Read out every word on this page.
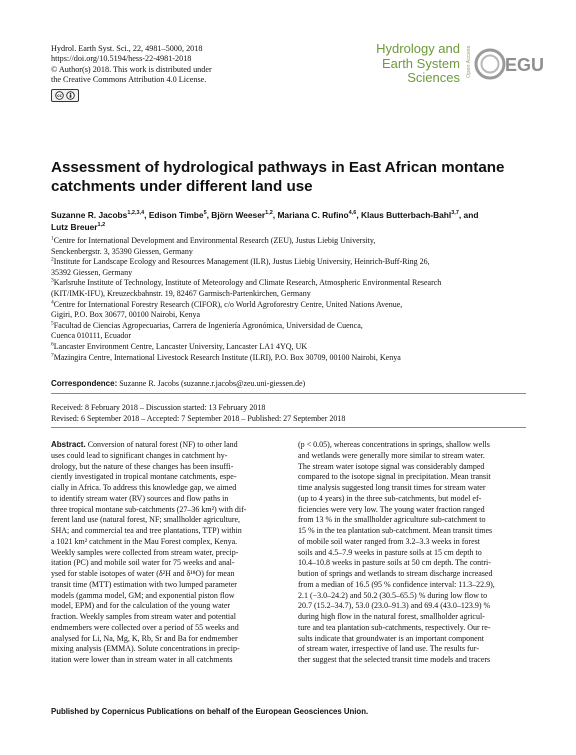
Hydrol. Earth Syst. Sci., 22, 4981–5000, 2018
https://doi.org/10.5194/hess-22-4981-2018
© Author(s) 2018. This work is distributed under
the Creative Commons Attribution 4.0 License.
cc
Hydrology and
Earth System
Sciences Open Access EGU
Assessment of hydrological pathways in East African montane
catchments under different land use
Suzanne R. Jacobs$^{1,2,3,4}$, Edison Timbe$^5$, Björn Weeser$^{1,2}$, Mariana C. Rufino$^{4,6}$, Klaus Butterbach-Bahl$^{3,7}$, and
Lutz Breuer$^{1,2}$
$^1$Centre for International Development and Environmental Research (ZEU), Justus Liebig University,
Senckenbergstr. 3, 35390 Giessen, Germany
$^2$Institute for Landscape Ecology and Resources Management (ILR), Justus Liebig University, Heinrich-Buff-Ring 26,
35392 Giessen, Germany
$^3$Karlsruhe Institute of Technology, Institute of Meteorology and Climate Research, Atmospheric Environmental Research
(KIT/IMK-IFU), Kreuzeckbahnstr. 19, 82467 Garmisch-Partenkirchen, Germany
$^4$Centre for International Forestry Research (CIFOR), c/o World Agroforestry Centre, United Nations Avenue,
Gigiri, P.O. Box 30677, 00100 Nairobi, Kenya
$^5$Facultad de Ciencias Agropecuarias, Carrera de Ingeniería Agronómica, Universidad de Cuenca,
Cuenca 010111, Ecuador
$^6$Lancaster Environment Centre, Lancaster University, Lancaster LA1 4YQ, UK
$^7$Mazingira Centre, International Livestock Research Institute (ILRI), P.O. Box 30709, 00100 Nairobi, Kenya
Correspondence: Suzanne R. Jacobs (suzanne.r.jacobs@zeu.uni-giessen.de)
Received: 8 February 2018 – Discussion started: 13 February 2018
Revised: 6 September 2018 – Accepted: 7 September 2018 – Published: 27 September 2018
Abstract. Conversion of natural forest (NF) to other land
uses could lead to significant changes in catchment hy-
drology, but the nature of these changes has been insuffi-
ciently investigated in tropical montane catchments, espe-
cially in Africa. To address this knowledge gap, we aimed
to identify stream water (RV) sources and flow paths in
three tropical montane sub-catchments (27–36 km²) with dif-
ferent land use (natural forest, NF; smallholder agriculture,
SHA; and commercial tea and tree plantations, TTP) within
a 1021 km² catchment in the Mau Forest complex, Kenya.
Weekly samples were collected from stream water, precip-
itation (PC) and mobile soil water for 75 weeks and anal-
ysed for stable isotopes of water (δ²H and δ¹⁸O) for mean
transit time (MTT) estimation with two lumped parameter
models (gamma model, GM; and exponential piston flow
model, EPM) and for the calculation of the young water
fraction. Weekly samples from stream water and potential
endmembers were collected over a period of 55 weeks and
analysed for Li, Na, Mg, K, Rb, Sr and Ba for endmember
mixing analysis (EMMA). Solute concentrations in precip-
itation were lower than in stream water in all catchments
(p < 0.05), whereas concentrations in springs, shallow wells
and wetlands were generally more similar to stream water.
The stream water isotope signal was considerably damped
compared to the isotope signal in precipitation. Mean transit
time analysis suggested long transit times for stream water
(up to 4 years) in the three sub-catchments, but model ef-
ficiencies were very low. The young water fraction ranged
from 13 % in the smallholder agriculture sub-catchment to
15 % in the tea plantation sub-catchment. Mean transit times
of mobile soil water ranged from 3.2–3.3 weeks in forest
soils and 4.5–7.9 weeks in pasture soils at 15 cm depth to
10.4–10.8 weeks in pasture soils at 50 cm depth. The contri-
bution of springs and wetlands to stream discharge increased
from a median of 16.5 (95 % confidence interval: 11.3–22.9),
2.1 (−3.0–24.2) and 50.2 (30.5–65.5) % during low flow to
20.7 (15.2–34.7), 53.0 (23.0–91.3) and 69.4 (43.0–123.9) %
during high flow in the natural forest, smallholder agricul-
ture and tea plantation sub-catchments, respectively. Our re-
sults indicate that groundwater is an important component
of stream water, irrespective of land use. The results fur-
ther suggest that the selected transit time models and tracers
Published by Copernicus Publications on behalf of the European Geosciences Union.
